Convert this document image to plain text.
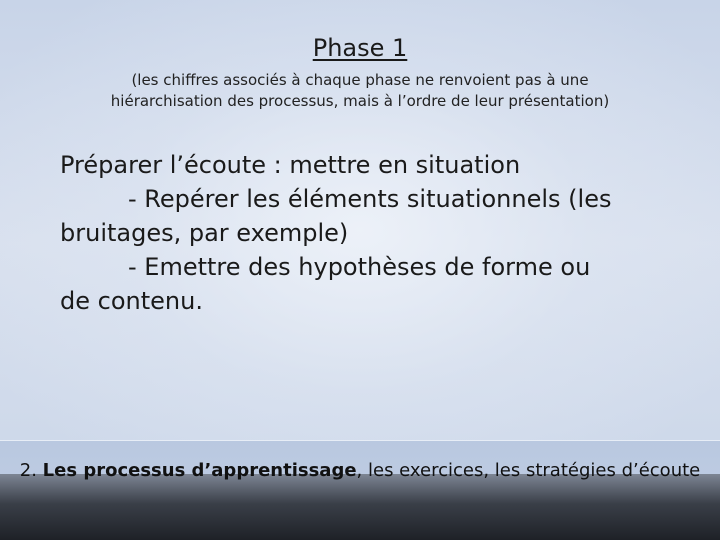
Phase 1
(les chiffres associés à chaque phase ne renvoient pas à une
hiérarchisation des processus, mais à l’ordre de leur présentation)
Préparer l’écoute : mettre en situation
- Repérer les éléments situationnels (les
bruitages, par exemple)
- Emettre des hypothèses de forme ou
de contenu.
2. Les processus d’apprentissage, les exercices, les stratégies d’écoute
